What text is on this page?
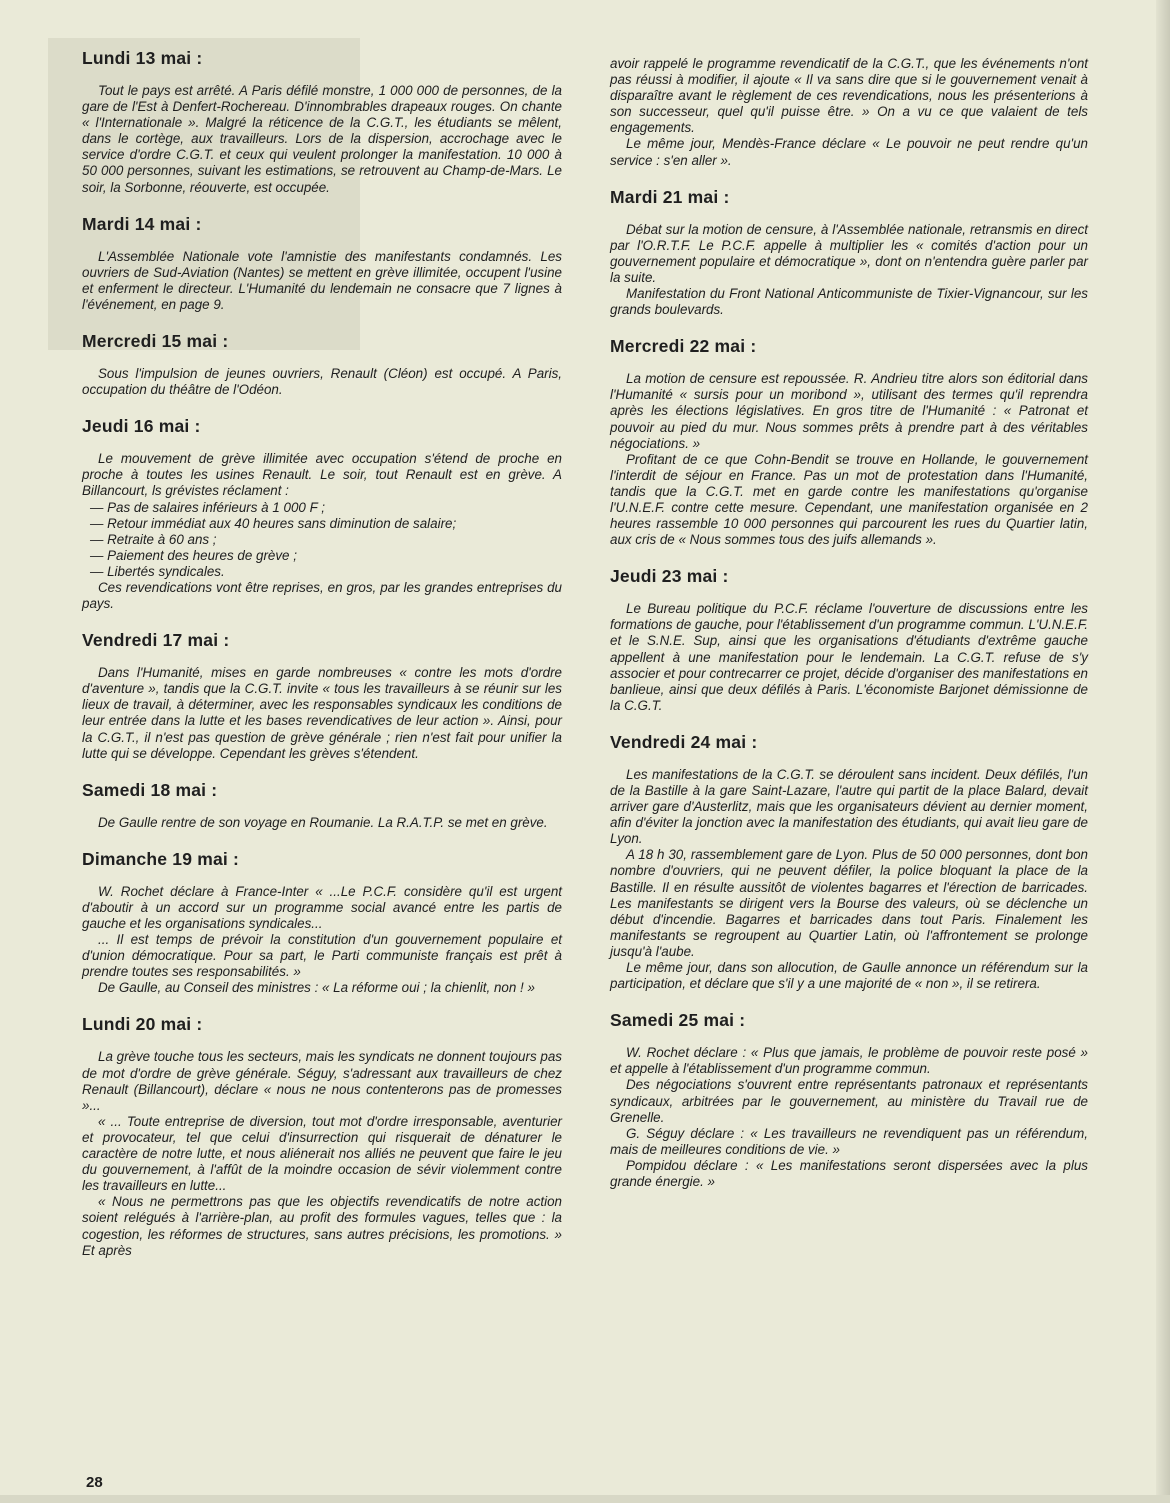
Lundi 13 mai :

Tout le pays est arrêté. A Paris défilé monstre, 1 000 000 de personnes, de la gare de l'Est à Denfert-Rochereau. D'innombrables drapeaux rouges. On chante « l'Internationale ». Malgré la réticence de la C.G.T., les étudiants se mêlent, dans le cortège, aux travailleurs. Lors de la dispersion, accrochage avec le service d'ordre C.G.T. et ceux qui veulent prolonger la manifestation. 10 000 à 50 000 personnes, suivant les estimations, se retrouvent au Champ-de-Mars. Le soir, la Sorbonne, réouverte, est occupée.

Mardi 14 mai :

L'Assemblée Nationale vote l'amnistie des manifestants condamnés. Les ouvriers de Sud-Aviation (Nantes) se mettent en grève illimitée, occupent l'usine et enferment le directeur. L'Humanité du lendemain ne consacre que 7 lignes à l'événement, en page 9.

Mercredi 15 mai :

Sous l'impulsion de jeunes ouvriers, Renault (Cléon) est occupé. A Paris, occupation du théâtre de l'Odéon.

Jeudi 16 mai :

Le mouvement de grève illimitée avec occupation s'étend de proche en proche à toutes les usines Renault. Le soir, tout Renault est en grève. A Billancourt, ls grévistes réclament :

— Pas de salaires inférieurs à 1 000 F ;
— Retour immédiat aux 40 heures sans diminution de salaire;
— Retraite à 60 ans ;
— Paiement des heures de grève ;
— Libertés syndicales.

Ces revendications vont être reprises, en gros, par les grandes entreprises du pays.

Vendredi 17 mai :

Dans l'Humanité, mises en garde nombreuses « contre les mots d'ordre d'aventure », tandis que la C.G.T. invite « tous les travailleurs à se réunir sur les lieux de travail, à déterminer, avec les responsables syndicaux les conditions de leur entrée dans la lutte et les bases revendicatives de leur action ». Ainsi, pour la C.G.T., il n'est pas question de grève générale ; rien n'est fait pour unifier la lutte qui se développe. Cependant les grèves s'étendent.

Samedi 18 mai :

De Gaulle rentre de son voyage en Roumanie. La R.A.T.P. se met en grève.

Dimanche 19 mai :

W. Rochet déclare à France-Inter « ...Le P.C.F. considère qu'il est urgent d'aboutir à un accord sur un programme social avancé entre les partis de gauche et les organisations syndicales...

... Il est temps de prévoir la constitution d'un gouvernement populaire et d'union démocratique. Pour sa part, le Parti communiste français est prêt à prendre toutes ses responsabilités. »

De Gaulle, au Conseil des ministres : « La réforme oui ; la chienlit, non ! »

Lundi 20 mai :

La grève touche tous les secteurs, mais les syndicats ne donnent toujours pas de mot d'ordre de grève générale. Séguy, s'adressant aux travailleurs de chez Renault (Billancourt), déclare « nous ne nous contenterons pas de promesses »...

« ... Toute entreprise de diversion, tout mot d'ordre irresponsable, aventurier et provocateur, tel que celui d'insurrection qui risquerait de dénaturer le caractère de notre lutte, et nous aliénerait nos alliés ne peuvent que faire le jeu du gouvernement, à l'affût de la moindre occasion de sévir violemment contre les travailleurs en lutte...

« Nous ne permettrons pas que les objectifs revendicatifs de notre action soient relégués à l'arrière-plan, au profit des formules vagues, telles que : la cogestion, les réformes de structures, sans autres précisions, les promotions. » Et après

avoir rappelé le programme revendicatif de la C.G.T., que les événements n'ont pas réussi à modifier, il ajoute « Il va sans dire que si le gouvernement venait à disparaître avant le règlement de ces revendications, nous les présenterions à son successeur, quel qu'il puisse être. » On a vu ce que valaient de tels engagements.

Le même jour, Mendès-France déclare « Le pouvoir ne peut rendre qu'un service : s'en aller ».

Mardi 21 mai :

Débat sur la motion de censure, à l'Assemblée nationale, retransmis en direct par l'O.R.T.F. Le P.C.F. appelle à multiplier les « comités d'action pour un gouvernement populaire et démocratique », dont on n'entendra guère parler par la suite.

Manifestation du Front National Anticommuniste de Tixier-Vignancour, sur les grands boulevards.

Mercredi 22 mai :

La motion de censure est repoussée. R. Andrieu titre alors son éditorial dans l'Humanité « sursis pour un moribond », utilisant des termes qu'il reprendra après les élections législatives. En gros titre de l'Humanité : « Patronat et pouvoir au pied du mur. Nous sommes prêts à prendre part à des véritables négociations. »

Profitant de ce que Cohn-Bendit se trouve en Hollande, le gouvernement l'interdit de séjour en France. Pas un mot de protestation dans l'Humanité, tandis que la C.G.T. met en garde contre les manifestations qu'organise l'U.N.E.F. contre cette mesure. Cependant, une manifestation organisée en 2 heures rassemble 10 000 personnes qui parcourent les rues du Quartier latin, aux cris de « Nous sommes tous des juifs allemands ».

Jeudi 23 mai :

Le Bureau politique du P.C.F. réclame l'ouverture de discussions entre les formations de gauche, pour l'établissement d'un programme commun. L'U.N.E.F. et le S.N.E. Sup, ainsi que les organisations d'étudiants d'extrême gauche appellent à une manifestation pour le lendemain. La C.G.T. refuse de s'y associer et pour contrecarrer ce projet, décide d'organiser des manifestations en banlieue, ainsi que deux défilés à Paris. L'économiste Barjonet démissionne de la C.G.T.

Vendredi 24 mai :

Les manifestations de la C.G.T. se déroulent sans incident. Deux défilés, l'un de la Bastille à la gare Saint-Lazare, l'autre qui partit de la place Balard, devait arriver gare d'Austerlitz, mais que les organisateurs dévient au dernier moment, afin d'éviter la jonction avec la manifestation des étudiants, qui avait lieu gare de Lyon.

A 18 h 30, rassemblement gare de Lyon. Plus de 50 000 personnes, dont bon nombre d'ouvriers, qui ne peuvent défiler, la police bloquant la place de la Bastille. Il en résulte aussitôt de violentes bagarres et l'érection de barricades. Les manifestants se dirigent vers la Bourse des valeurs, où se déclenche un début d'incendie. Bagarres et barricades dans tout Paris. Finalement les manifestants se regroupent au Quartier Latin, où l'affrontement se prolonge jusqu'à l'aube.

Le même jour, dans son allocution, de Gaulle annonce un référendum sur la participation, et déclare que s'il y a une majorité de « non », il se retirera.

Samedi 25 mai :

W. Rochet déclare : « Plus que jamais, le problème de pouvoir reste posé » et appelle à l'établissement d'un programme commun.

Des négociations s'ouvrent entre représentants patronaux et représentants syndicaux, arbitrées par le gouvernement, au ministère du Travail rue de Grenelle.

G. Séguy déclare : « Les travailleurs ne revendiquent pas un référendum, mais de meilleures conditions de vie. »

Pompidou déclare : « Les manifestations seront dispersées avec la plus grande énergie. »

28
